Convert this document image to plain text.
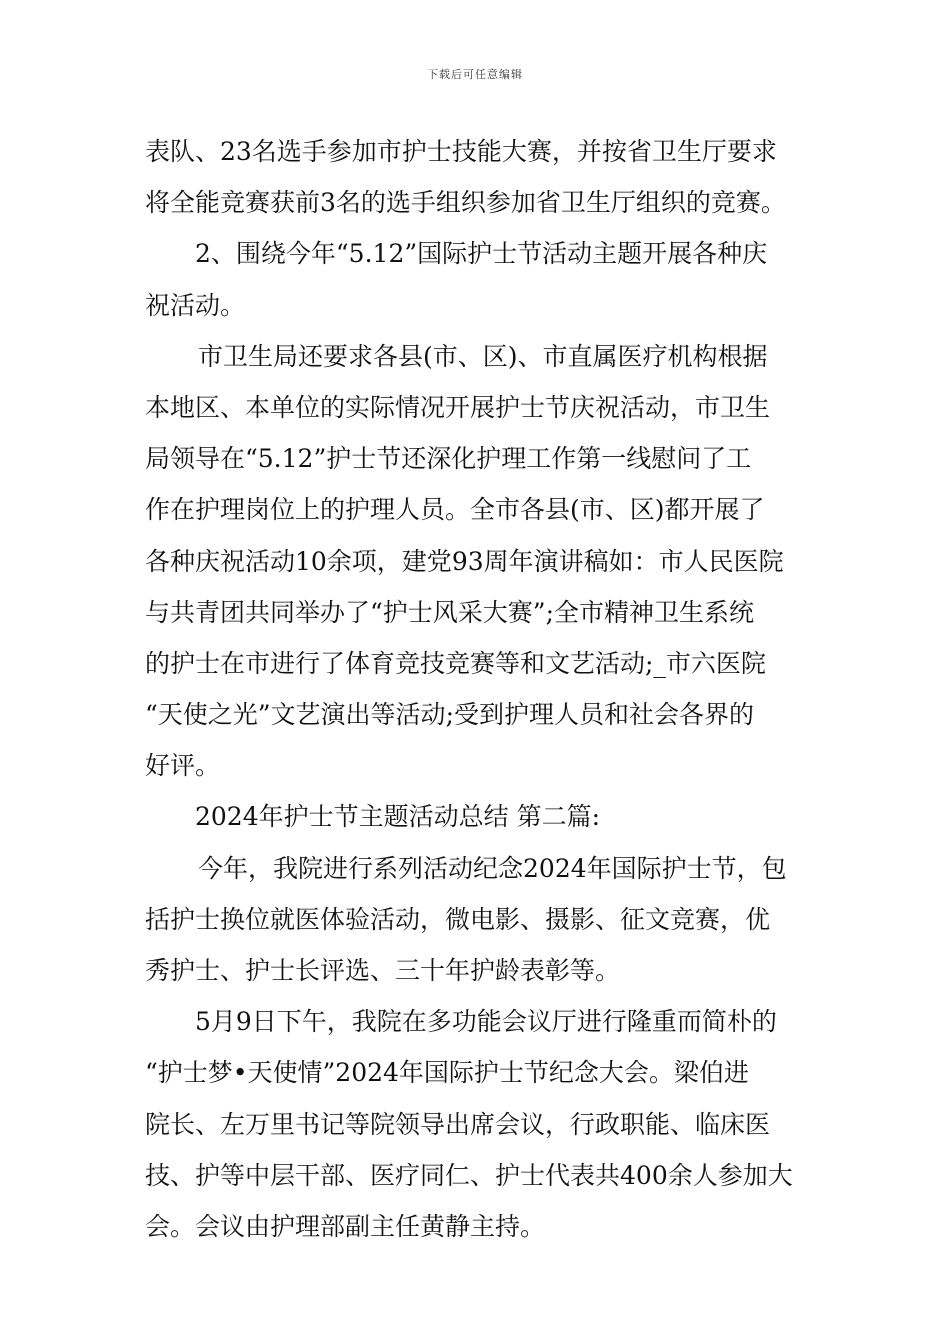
下载后可任意编辑
表队、23名选手参加市护士技能大赛，并按省卫生厅要求
将全能竞赛获前3名的选手组织参加省卫生厅组织的竞赛。
2、围绕今年“5.12”国际护士节活动主题开展各种庆
祝活动。
市卫生局还要求各县(市、区)、市直属医疗机构根据
本地区、本单位的实际情况开展护士节庆祝活动，市卫生
局领导在“5.12”护士节还深化护理工作第一线慰问了工
作在护理岗位上的护理人员。全市各县(市、区)都开展了
各种庆祝活动10余项，建党93周年演讲稿如：市人民医院
与共青团共同举办了“护士风采大赛”;全市精神卫生系统
的护士在市进行了体育竞技竞赛等和文艺活动;_市六医院
“天使之光”文艺演出等活动;受到护理人员和社会各界的
好评。
2024年护士节主题活动总结 第二篇:
今年，我院进行系列活动纪念2024年国际护士节，包
括护士换位就医体验活动，微电影、摄影、征文竞赛，优
秀护士、护士长评选、三十年护龄表彰等。
5月9日下午，我院在多功能会议厅进行隆重而简朴的
“护士梦•天使情”2024年国际护士节纪念大会。梁伯进
院长、左万里书记等院领导出席会议，行政职能、临床医
技、护等中层干部、医疗同仁、护士代表共400余人参加大
会。会议由护理部副主任黄静主持。
